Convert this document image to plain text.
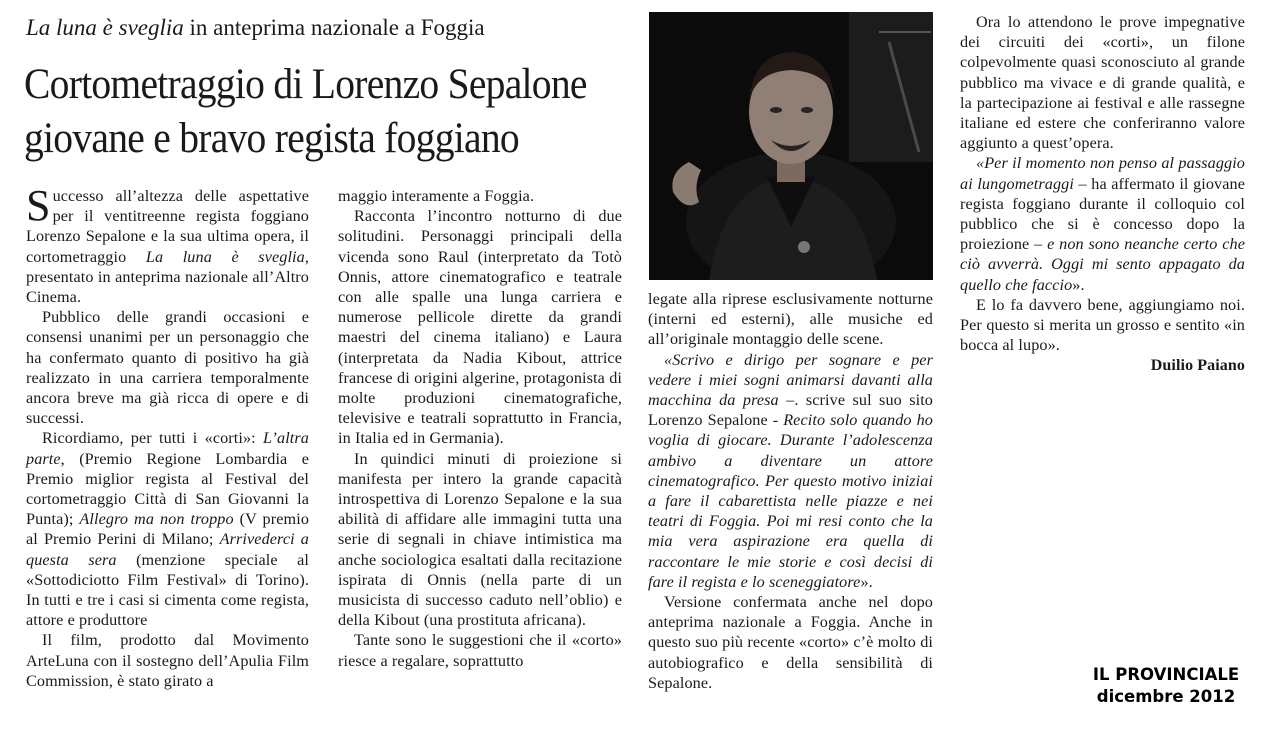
La luna è sveglia in anteprima nazionale a Foggia
Cortometraggio di Lorenzo Sepalone
giovane e bravo regista foggiano

Successo all’altezza delle aspettative per il ventitreenne regista foggiano Lorenzo Sepalone e la sua ultima opera, il cortometraggio La luna è sveglia, presentato in anteprima nazionale all’Altro Cinema.

Pubblico delle grandi occasioni e consensi unanimi per un personaggio che ha confermato quanto di positivo ha già realizzato in una carriera temporalmente ancora breve ma già ricca di opere e di successi.

Ricordiamo, per tutti i «corti»: L’altra parte, (Premio Regione Lombardia e Premio miglior regista al Festival del cortometraggio Città di San Giovanni la Punta); Allegro ma non troppo (V premio al Premio Perini di Milano; Arrivederci a questa sera (menzione speciale al «Sottodiciotto Film Festival» di Torino). In tutti e tre i casi si cimenta come regista, attore e produttore

Il film, prodotto dal Movimento ArteLuna con il sostegno dell’Apulia Film Commission, è stato girato a

maggio interamente a Foggia.

Racconta l’incontro notturno di due solitudini. Personaggi principali della vicenda sono Raul (interpretato da Totò Onnis, attore cinematografico e teatrale con alle spalle una lunga carriera e numerose pellicole dirette da grandi maestri del cinema italiano) e Laura (interpretata da Nadia Kibout, attrice francese di origini algerine, protagonista di molte produzioni cinematografiche, televisive e teatrali soprattutto in Francia, in Italia ed in Germania).

In quindici minuti di proiezione si manifesta per intero la grande capacità introspettiva di Lorenzo Sepalone e la sua abilità di affidare alle immagini tutta una serie di segnali in chiave intimistica ma anche sociologica esaltati dalla recitazione ispirata di Onnis (nella parte di un musicista di successo caduto nell’oblio) e della Kibout (una prostituta africana).

Tante sono le suggestioni che il «corto» riesce a regalare, soprattutto

legate alla riprese esclusivamente notturne (interni ed esterni), alle musiche ed all’originale montaggio delle scene.

«Scrivo e dirigo per sognare e per vedere i miei sogni animarsi davanti alla macchina da presa –. scrive sul suo sito Lorenzo Sepalone - Recito solo quando ho voglia di giocare. Durante l’adolescenza ambivo a diventare un attore cinematografico. Per questo motivo iniziai a fare il cabarettista nelle piazze e nei teatri di Foggia. Poi mi resi conto che la mia vera aspirazione era quella di raccontare le mie storie e così decisi di fare il regista e lo sceneggiatore».

Versione confermata anche nel dopo anteprima nazionale a Foggia. Anche in questo suo più recente «corto» c’è molto di autobiografico e della sensibilità di Sepalone.

Ora lo attendono le prove impegnative dei circuiti dei «corti», un filone colpevolmente quasi sconosciuto al grande pubblico ma vivace e di grande qualità, e la partecipazione ai festival e alle rassegne italiane ed estere che conferiranno valore aggiunto a quest’opera.

«Per il momento non penso al passaggio ai lungometraggi – ha affermato il giovane regista foggiano durante il colloquio col pubblico che si è concesso dopo la proiezione – e non sono neanche certo che ciò avverrà. Oggi mi sento appagato da quello che faccio».

E lo fa davvero bene, aggiungiamo noi. Per questo si merita un grosso e sentito «in bocca al lupo».

Duilio Paiano
IL PROVINCIALE
dicembre 2012
